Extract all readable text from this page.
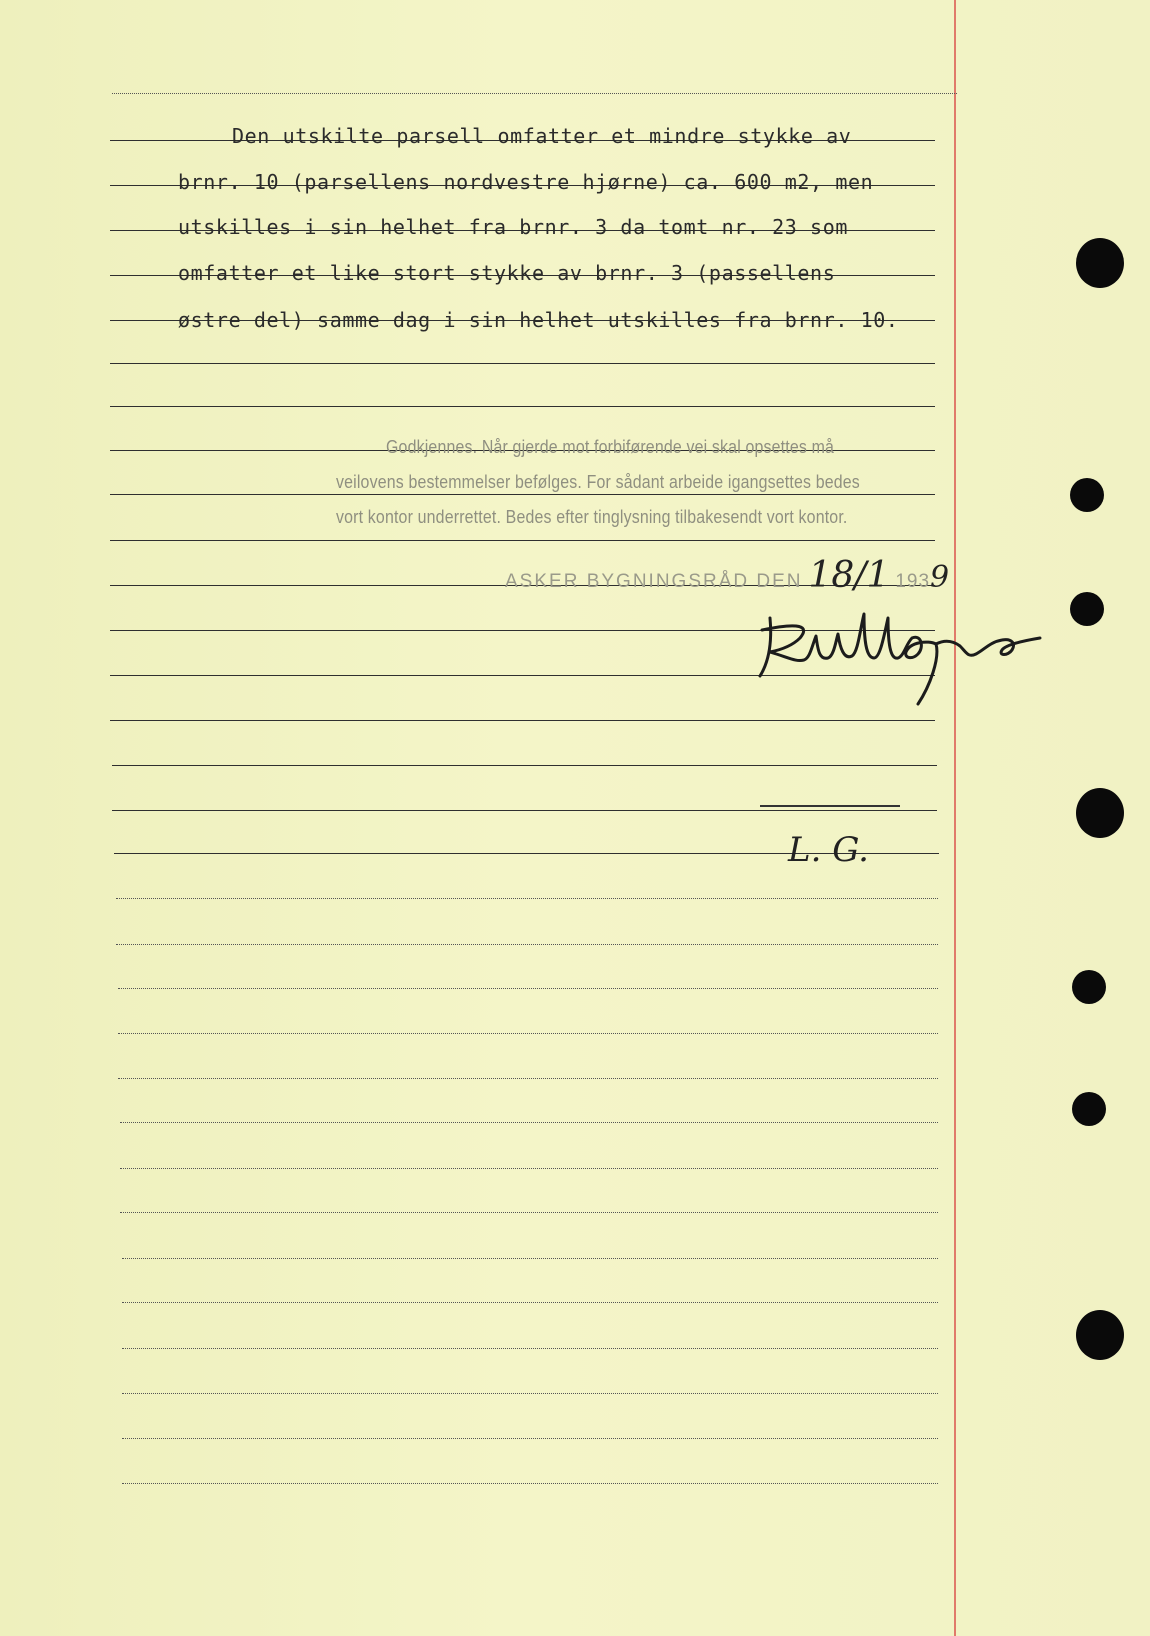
Den utskilte parsell omfatter et mindre stykke av

brnr. 10 (parsellens nordvestre hjørne) ca. 600 m2, men

utskilles i sin helhet fra brnr. 3 da tomt nr. 23 som

omfatter et like stort stykke av brnr. 3 (passellens

østre del) samme dag i sin helhet utskilles fra brnr. 10.

Godkjennes. Når gjerde mot forbiførende vei skal opsettes må

veilovens bestemmelser befølges. For sådant arbeide igangsettes bedes

vort kontor underrettet. Bedes efter tinglysning tilbakesendt vort kontor.

ASKER BYGNINGSRÅD DEN 18/1 1939

L. G.
